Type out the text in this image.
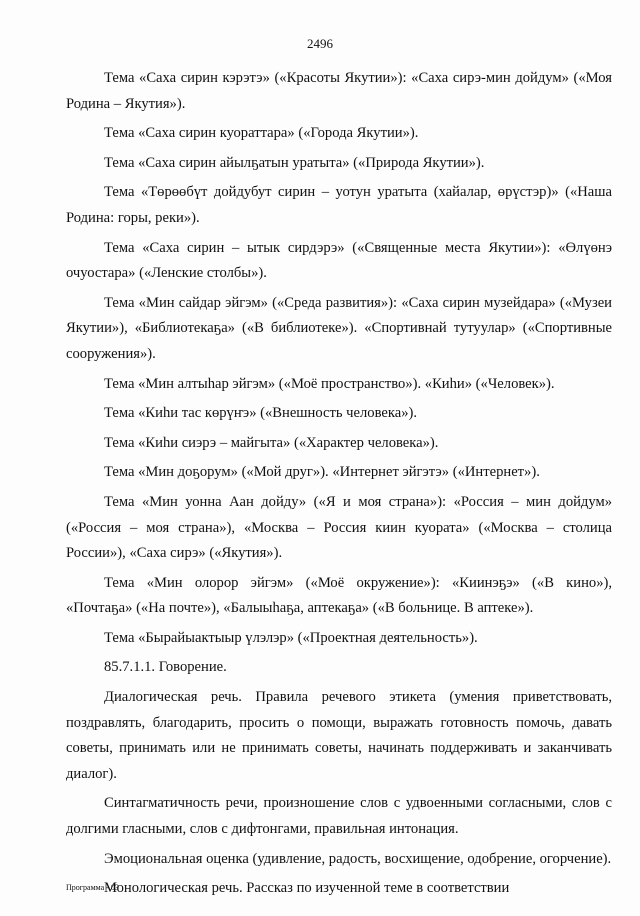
2496

Тема «Саха сирин кэрэтэ» («Красоты Якутии»): «Саха сирэ-мин дойдум» («Моя Родина – Якутия»).

Тема «Саха сирин куораттара» («Города Якутии»).

Тема «Саха сирин айылҕатын уратыта» («Природа Якутии»).

Тема «Төрөөбүт дойдубут сирин – уотун уратыта (хайалар, өрүстэр)» («Наша Родина: горы, реки»).

Тема «Саха сирин – ытык сирдэрэ» («Священные места Якутии»): «Өлүөнэ очуостара» («Ленские столбы»).

Тема «Мин сайдар эйгэм» («Среда развития»): «Саха сирин музейдара» («Музеи Якутии»), «Библиотекаҕа» («В библиотеке»). «Спортивнай тутуулар» («Спортивные сооружения»).

Тема «Мин алтыһар эйгэм» («Моё пространство»). «Киһи» («Человек»).

Тема «Киһи тас көрүҥэ» («Внешность человека»).

Тема «Киһи сиэрэ – майгыта» («Характер человека»).

Тема «Мин доҕорум» («Мой друг»). «Интернет эйгэтэ» («Интернет»).

Тема «Мин уонна Аан дойду» («Я и моя страна»): «Россия – мин дойдум» («Россия – моя страна»), «Москва – Россия киин куората» («Москва – столица России»), «Саха сирэ» («Якутия»).

Тема «Мин олорор эйгэм» («Моё окружение»): «Киинэҕэ» («В кино»), «Почтаҕа» («На почте»), «Балыыһаҕа, аптекаҕа» («В больнице. В аптеке»).

Тема «Бырайыактыыр үлэлэр» («Проектная деятельность»).

85.7.1.1. Говорение.

Диалогическая речь. Правила речевого этикета (умения приветствовать, поздравлять, благодарить, просить о помощи, выражать готовность помочь, давать советы, принимать или не принимать советы, начинать поддерживать и заканчивать диалог).

Синтагматичность речи, произношение слов с удвоенными согласными, слов с долгими гласными, слов с дифтонгами, правильная интонация.

Эмоциональная оценка (удивление, радость, восхищение, одобрение, огорчение).

Монологическая речь. Рассказ по изученной теме в соответствии

Программа - 03
